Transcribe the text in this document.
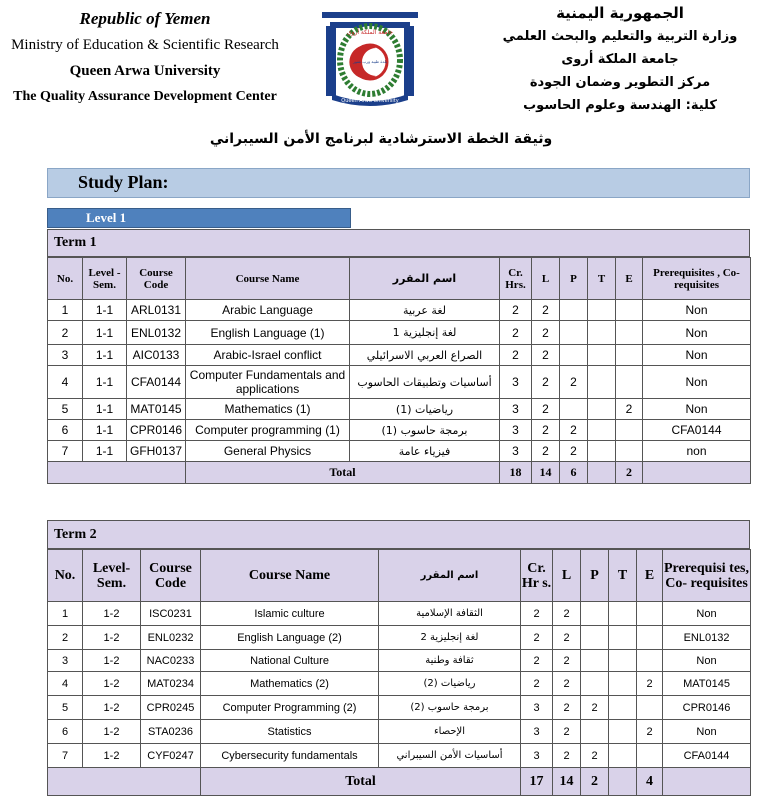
Republic of Yemen
Ministry of Education & Scientific Research
Queen Arwa University
The Quality Assurance Development Center
جامعة الملكة أروى
بلدة طيبة ورب غفور
Queen Arwa University
الجمهورية اليمنية
وزارة التربية والتعليم والبحث العلمي
جامعة الملكة أروى
مركز التطوير وضمان الجودة
كلية: الهندسة وعلوم الحاسوب
وثيقة الخطة الاسترشادية لبرنامج الأمن السيبراني
Study Plan:
Level 1
Term 1
No.	Level -Sem.	Course Code	Course Name	اسم المقرر	Cr. Hrs.	L	P	T	E	Prerequisites , Co-requisites
1	1-1	ARL0131	Arabic Language	لغة عربية	2	2				Non
2	1-1	ENL0132	English Language (1)	لغة إنجليزية 1	2	2				Non
3	1-1	AIC0133	Arabic-Israel conflict	الصراع العربي الاسرائيلي	2	2				Non
4	1-1	CFA0144	Computer Fundamentals and applications	أساسيات وتطبيقات الحاسوب	3	2	2			Non
5	1-1	MAT0145	Mathematics (1)	رياضيات (1)	3	2			2	Non
6	1-1	CPR0146	Computer programming (1)	برمجة حاسوب (1)	3	2	2			CFA0144
7	1-1	GFH0137	General Physics	فيزياء عامة	3	2	2			non
			Total		18	14	6		2	
Term 2
No.	Level- Sem.	Course Code	Course Name	اسم المقرر	Cr. Hr s.	L	P	T	E	Prerequisi tes, Co- requisites
1	1-2	ISC0231	Islamic culture	الثقافة الإسلامية	2	2				Non
2	1-2	ENL0232	English Language (2)	لغة إنجليزية 2	2	2				ENL0132
3	1-2	NAC0233	National Culture	ثقافة وطنية	2	2				Non
4	1-2	MAT0234	Mathematics (2)	رياضيات (2)	2	2			2	MAT0145
5	1-2	CPR0245	Computer Programming (2)	برمجة حاسوب (2)	3	2	2			CPR0146
6	1-2	STA0236	Statistics	الإحصاء	3	2			2	Non
7	1-2	CYF0247	Cybersecurity fundamentals	أساسيات الأمن السيبراني	3	2	2			CFA0144
			Total		17	14	2		4	
